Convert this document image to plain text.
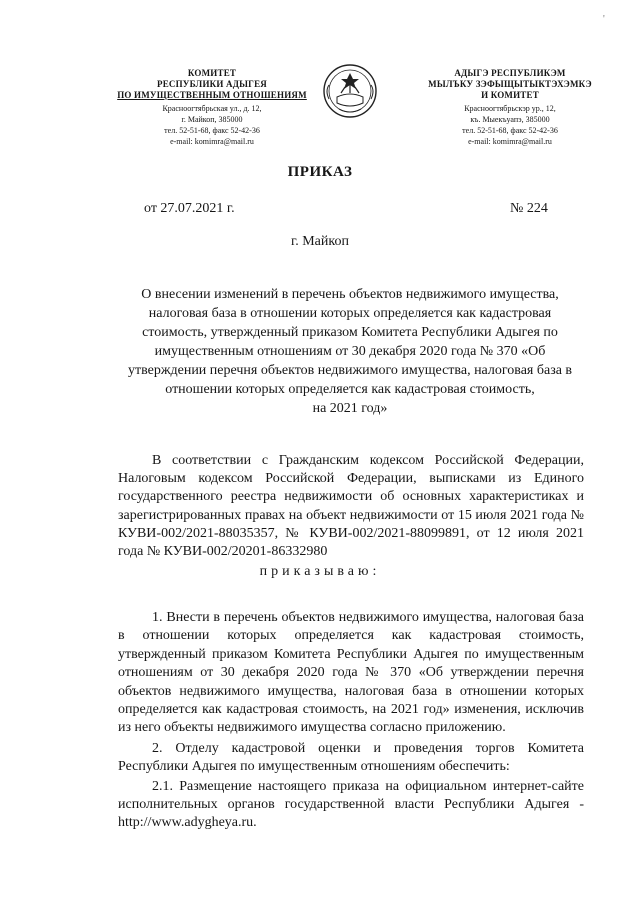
'
КОМИТЕТ
РЕСПУБЛИКИ АДЫГЕЯ
ПО ИМУЩЕСТВЕННЫМ ОТНОШЕНИЯМ
Красноогтябрьская ул., д. 12,
г. Майкоп, 385000
тел. 52-51-68, факс 52-42-36
e-mail: komimra@mail.ru
АДЫГЭ РЕСПУБЛИКЭМ
МЫЛЪКУ ЗЭФЫЩЫТЫКТЭХЭМКЭ
И КОМИТЕТ
Красноогтябрьскэр ур., 12,
къ. Мыекъуапэ, 385000
тел. 52-51-68, факс 52-42-36
e-mail: komimra@mail.ru
ПРИКАЗ
от 27.07.2021 г.	№ 224
г. Майкоп
О внесении изменений в перечень объектов недвижимого имущества,
налоговая база в отношении которых определяется как кадастровая
стоимость, утвержденный приказом Комитета Республики Адыгея по
имущественным отношениям от 30 декабря 2020 года № 370 «Об
утверждении перечня объектов недвижимого имущества, налоговая база в
отношении которых определяется как кадастровая стоимость,
на 2021 год»
В соответствии с Гражданским кодексом Российской Федерации, Налоговым кодексом Российской Федерации, выписками из Единого государственного реестра недвижимости об основных характеристиках и зарегистрированных правах на объект недвижимости от 15 июля 2021 года № КУВИ-002/2021-88035357, № КУВИ-002/2021-88099891, от 12 июля 2021 года № КУВИ-002/20201-86332980
приказываю:
1. Внести в перечень объектов недвижимого имущества, налоговая база в отношении которых определяется как кадастровая стоимость, утвержденный приказом Комитета Республики Адыгея по имущественным отношениям от 30 декабря 2020 года № 370 «Об утверждении перечня объектов недвижимого имущества, налоговая база в отношении которых определяется как кадастровая стоимость, на 2021 год» изменения, исключив из него объекты недвижимого имущества согласно приложению.
2. Отделу кадастровой оценки и проведения торгов Комитета Республики Адыгея по имущественным отношениям обеспечить:
2.1. Размещение настоящего приказа на официальном интернет-сайте исполнительных органов государственной власти Республики Адыгея - http://www.adygheya.ru.
